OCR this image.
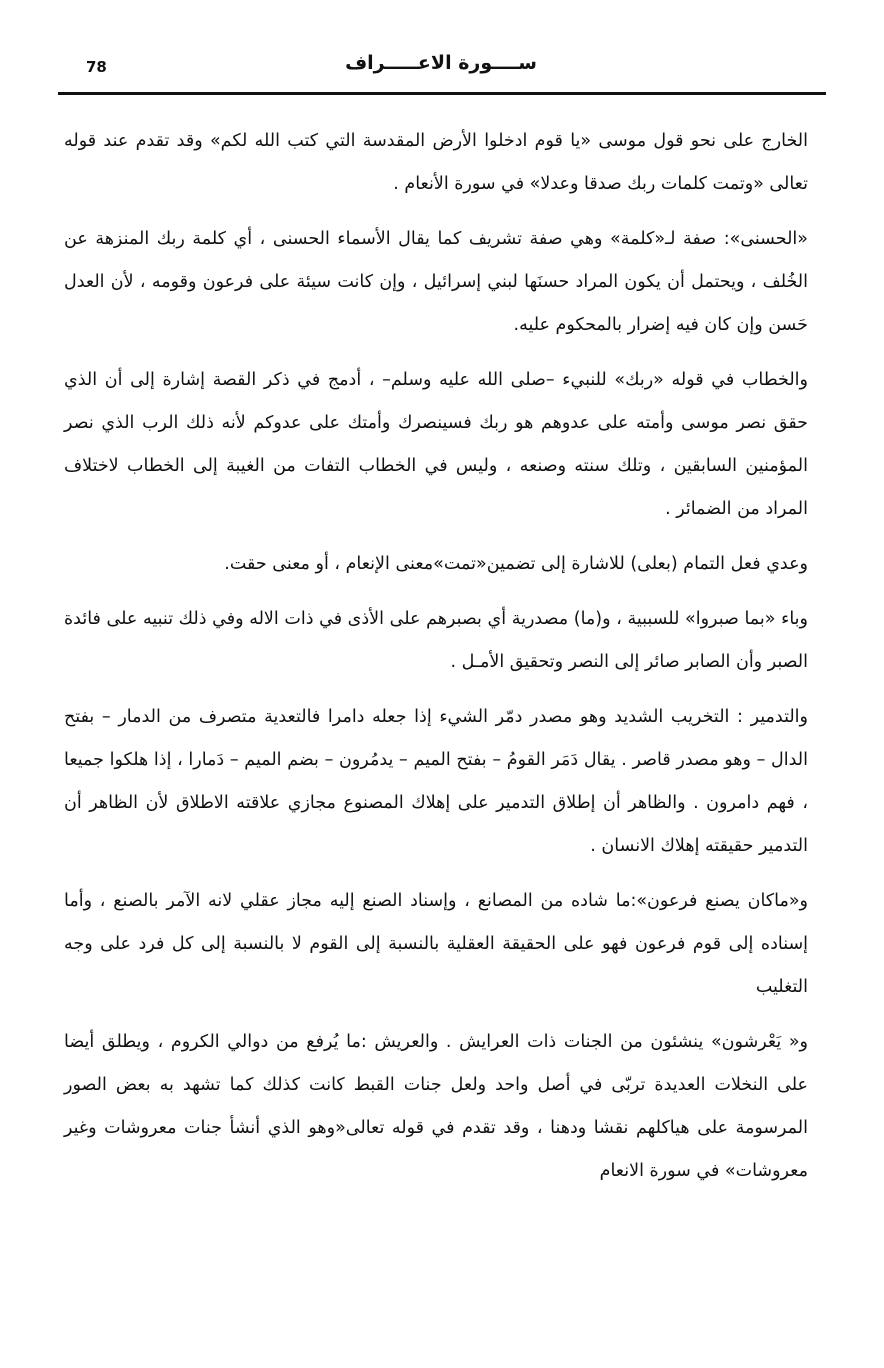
78	ســــورة الاعـــــراف

الخارج على نحو قول موسى «يا قوم ادخلوا الأرض المقدسة التي كتب الله لكم» وقد تقدم عند قوله تعالى «وتمت كلمات ربك صدقا وعدلا» في سورة الأنعام .

«الحسنى»: صفة لـ«كلمة» وهي صفة تشريف كما يقال الأسماء الحسنى ، أي كلمة ربك المنزهة عن الخُلف ، ويحتمل أن يكون المراد حسنَها لبني إسرائيل ، وإن كانت سيئة على فرعون وقومه ، لأن العدل حَسن وإن كان فيه إضرار بالمحكوم عليه.

والخطاب في قوله «ربك» للنبيء –صلى الله عليه وسلم– ، أدمج في ذكر القصة إشارة إلى أن الذي حقق نصر موسى وأمته على عدوهم هو ربك فسينصرك وأمتك على عدوكم لأنه ذلك الرب الذي نصر المؤمنين السابقين ، وتلك سنته وصنعه ، وليس في الخطاب التفات من الغيبة إلى الخطاب لاختلاف المراد من الضمائر .

وعدي فعل التمام (بعلى) للاشارة إلى تضمين«تمت»معنى الإنعام ، أو معنى حقت.

وباء «بما صبروا» للسببية ، و(ما) مصدرية أي بصبرهم على الأذى في ذات الاله وفي ذلك تنبيه على فائدة الصبر وأن الصابر صائر إلى النصر وتحقيق الأمـل .

والتدمير : التخريب الشديد وهو مصدر دمّر الشيء إذا جعله دامرا فالتعدية متصرف من الدمار – بفتح الدال – وهو مصدر قاصر . يقال دَمَر القومُ – بفتح الميم – يدمُرون – بضم الميم – دَمارا ، إذا هلكوا جميعا ، فهم دامرون . والظاهر أن إطلاق التدمير على إهلاك المصنوع مجازي علاقته الاطلاق لأن الظاهر أن التدمير حقيقته إهلاك الانسان .

و«ماكان يصنع فرعون»:ما شاده من المصانع ، وإسناد الصنع إليه مجاز عقلي لانه الآمر بالصنع ، وأما إسناده إلى قوم فرعون فهو على الحقيقة العقلية بالنسبة إلى القوم لا بالنسبة إلى كل فرد على وجه التغليب

و« يَعْرشون» ينشئون من الجنات ذات العرايش . والعريش :ما يُرفع من دوالي الكروم ، ويطلق أيضا على النخلات العديدة تربّى في أصل واحد ولعل جنات القبط كانت كذلك كما تشهد به بعض الصور المرسومة على هياكلهم نقشا ودهنا ، وقد تقدم في قوله تعالى«وهو الذي أنشأ جنات معروشات وغير معروشات» في سورة الانعام
